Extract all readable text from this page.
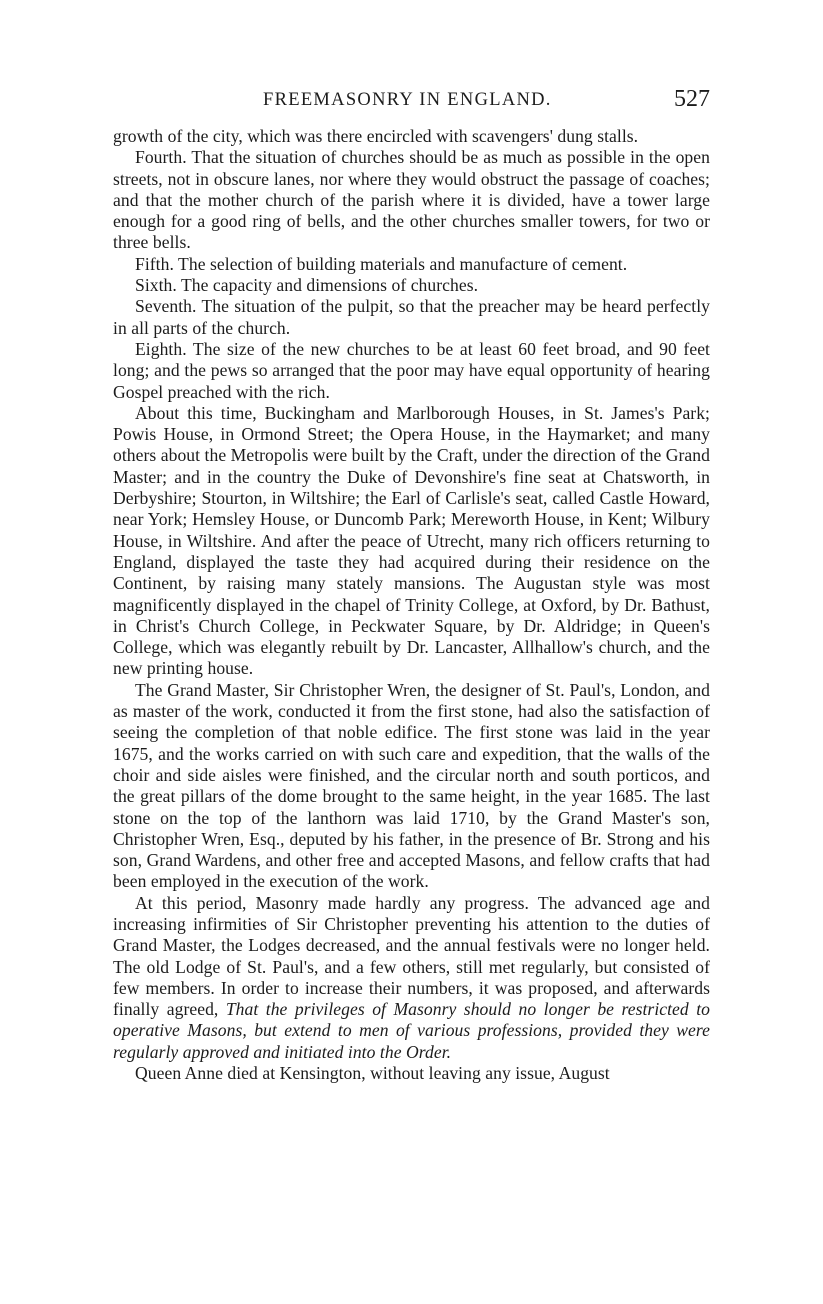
FREEMASONRY IN ENGLAND.	527

growth of the city, which was there encircled with scavengers' dung stalls.

Fourth. That the situation of churches should be as much as possible in the open streets, not in obscure lanes, nor where they would obstruct the passage of coaches; and that the mother church of the parish where it is divided, have a tower large enough for a good ring of bells, and the other churches smaller towers, for two or three bells.

Fifth. The selection of building materials and manufacture of cement.

Sixth. The capacity and dimensions of churches.

Seventh. The situation of the pulpit, so that the preacher may be heard perfectly in all parts of the church.

Eighth. The size of the new churches to be at least 60 feet broad, and 90 feet long; and the pews so arranged that the poor may have equal opportunity of hearing Gospel preached with the rich.

About this time, Buckingham and Marlborough Houses, in St. James's Park; Powis House, in Ormond Street; the Opera House, in the Haymarket; and many others about the Metropolis were built by the Craft, under the direction of the Grand Master; and in the country the Duke of Devonshire's fine seat at Chatsworth, in Derbyshire; Stourton, in Wiltshire; the Earl of Carlisle's seat, called Castle Howard, near York; Hemsley House, or Duncomb Park; Mereworth House, in Kent; Wilbury House, in Wiltshire. And after the peace of Utrecht, many rich officers returning to England, displayed the taste they had acquired during their residence on the Continent, by raising many stately mansions. The Augustan style was most magnificently displayed in the chapel of Trinity College, at Oxford, by Dr. Bathust, in Christ's Church College, in Peckwater Square, by Dr. Aldridge; in Queen's College, which was elegantly rebuilt by Dr. Lancaster, Allhallow's church, and the new printing house.

The Grand Master, Sir Christopher Wren, the designer of St. Paul's, London, and as master of the work, conducted it from the first stone, had also the satisfaction of seeing the completion of that noble edifice. The first stone was laid in the year 1675, and the works carried on with such care and expedition, that the walls of the choir and side aisles were finished, and the circular north and south porticos, and the great pillars of the dome brought to the same height, in the year 1685. The last stone on the top of the lanthorn was laid 1710, by the Grand Master's son, Christopher Wren, Esq., deputed by his father, in the presence of Br. Strong and his son, Grand Wardens, and other free and accepted Masons, and fellow crafts that had been employed in the execution of the work.

At this period, Masonry made hardly any progress. The advanced age and increasing infirmities of Sir Christopher preventing his attention to the duties of Grand Master, the Lodges decreased, and the annual festivals were no longer held. The old Lodge of St. Paul's, and a few others, still met regularly, but consisted of few members. In order to increase their numbers, it was proposed, and afterwards finally agreed, That the privileges of Masonry should no longer be restricted to operative Masons, but extend to men of various professions, provided they were regularly approved and initiated into the Order.

Queen Anne died at Kensington, without leaving any issue, August
